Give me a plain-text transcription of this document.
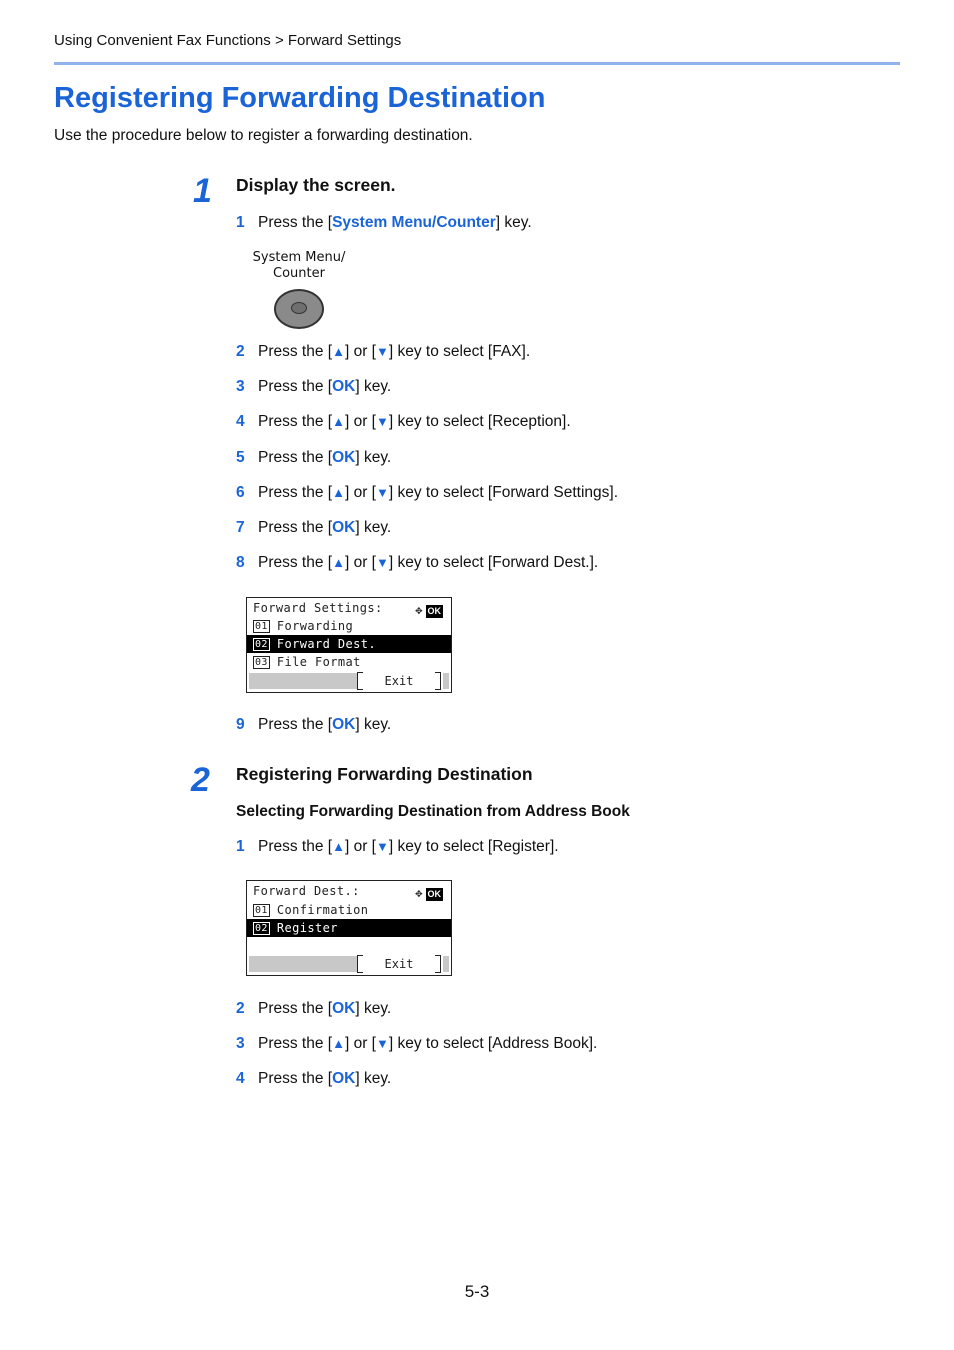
Using Convenient Fax Functions > Forward Settings
Registering Forwarding Destination
Use the procedure below to register a forwarding destination.
1 Display the screen.
1 Press the [System Menu/Counter] key.
System Menu/
Counter
2 Press the [▲] or [▼] key to select [FAX].
3 Press the [OK] key.
4 Press the [▲] or [▼] key to select [Reception].
5 Press the [OK] key.
6 Press the [▲] or [▼] key to select [Forward Settings].
7 Press the [OK] key.
8 Press the [▲] or [▼] key to select [Forward Dest.].
Forward Settings:	✥ OK
01 Forwarding
02 Forward Dest.
03 File Format
Exit
9 Press the [OK] key.
2 Registering Forwarding Destination
Selecting Forwarding Destination from Address Book
1 Press the [▲] or [▼] key to select [Register].
Forward Dest.:	✥ OK
01 Confirmation
02 Register
Exit
2 Press the [OK] key.
3 Press the [▲] or [▼] key to select [Address Book].
4 Press the [OK] key.
5-3
